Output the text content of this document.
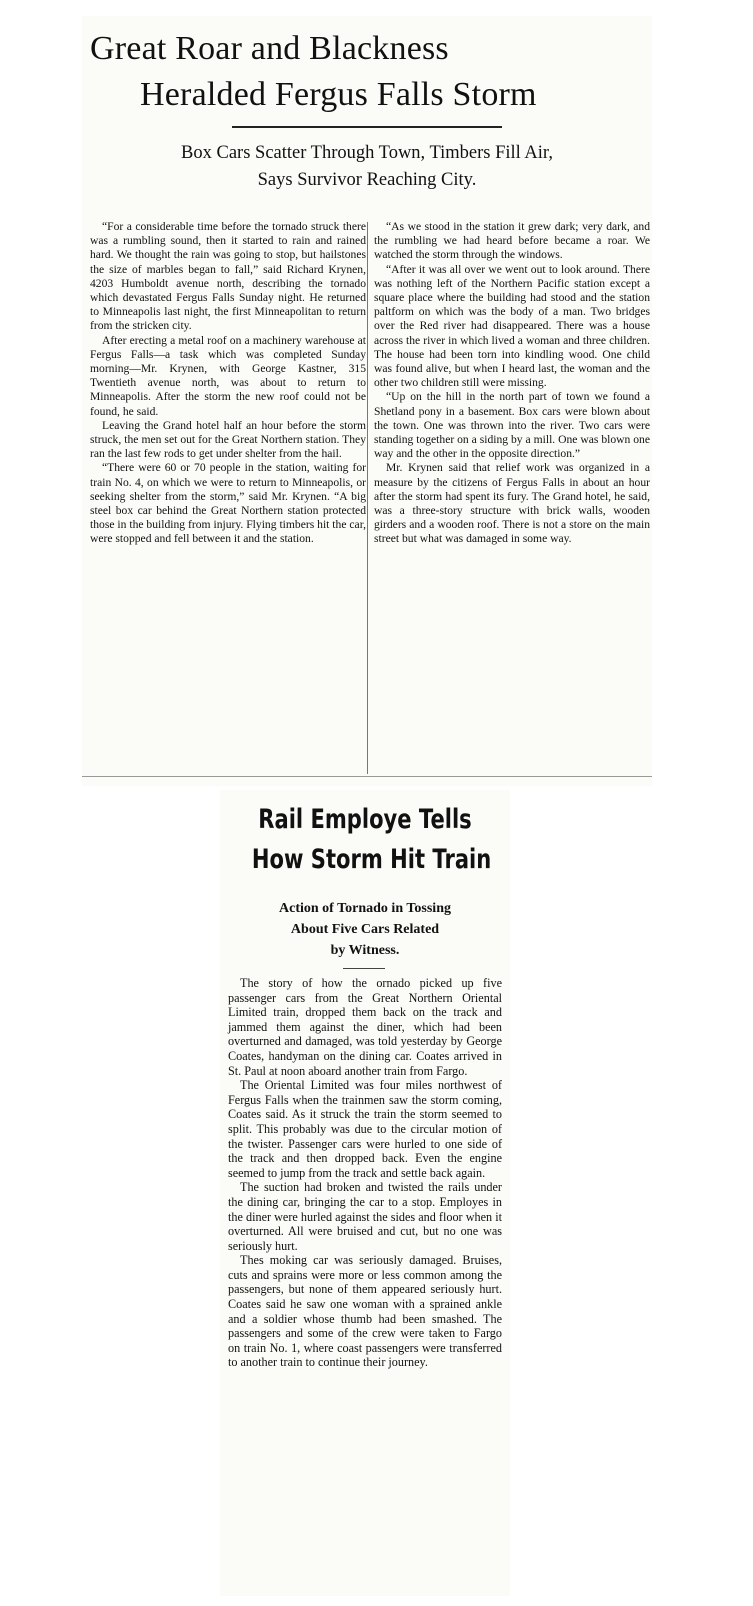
Great Roar and Blackness
Heralded Fergus Falls Storm

Box Cars Scatter Through Town, Timbers Fill Air,

Says Survivor Reaching City.

“For a considerable time before the tornado struck there was a rumbling sound, then it started to rain and rained hard. We thought the rain was going to stop, but hailstones the size of marbles began to fall,” said Richard Krynen, 4203 Humboldt avenue north, describing the tornado which devastated Fergus Falls Sunday night. He returned to Minneapolis last night, the first Minneapolitan to return from the stricken city.

After erecting a metal roof on a machinery warehouse at Fergus Falls—a task which was completed Sunday morning—Mr. Krynen, with George Kastner, 315 Twentieth avenue north, was about to return to Minneapolis. After the storm the new roof could not be found, he said.

Leaving the Grand hotel half an hour before the storm struck, the men set out for the Great Northern station. They ran the last few rods to get under shelter from the hail.

“There were 60 or 70 people in the station, waiting for train No. 4, on which we were to return to Minneapolis, or seeking shelter from the storm,” said Mr. Krynen. “A big steel box car behind the Great Northern station protected those in the building from injury. Flying timbers hit the car, were stopped and fell between it and the station.

“As we stood in the station it grew dark; very dark, and the rumbling we had heard before became a roar. We watched the storm through the windows.

“After it was all over we went out to look around. There was nothing left of the Northern Pacific station except a square place where the building had stood and the station paltform on which was the body of a man. Two bridges over the Red river had disappeared. There was a house across the river in which lived a woman and three children. The house had been torn into kindling wood. One child was found alive, but when I heard last, the woman and the other two children still were missing.

“Up on the hill in the north part of town we found a Shetland pony in a basement. Box cars were blown about the town. One was thrown into the river. Two cars were standing together on a siding by a mill. One was blown one way and the other in the opposite direction.”

Mr. Krynen said that relief work was organized in a measure by the citizens of Fergus Falls in about an hour after the storm had spent its fury. The Grand hotel, he said, was a three-story structure with brick walls, wooden girders and a wooden roof. There is not a store on the main street but what was damaged in some way.

Rail Employe Tells
How Storm Hit Train

Action of Tornado in Tossing

About Five Cars Related

by Witness.

The story of how the ornado picked up five passenger cars from the Great Northern Oriental Limited train, dropped them back on the track and jammed them against the diner, which had been overturned and damaged, was told yesterday by George Coates, handyman on the dining car. Coates arrived in St. Paul at noon aboard another train from Fargo.

The Oriental Limited was four miles northwest of Fergus Falls when the trainmen saw the storm coming, Coates said. As it struck the train the storm seemed to split. This probably was due to the circular motion of the twister. Passenger cars were hurled to one side of the track and then dropped back. Even the engine seemed to jump from the track and settle back again.

The suction had broken and twisted the rails under the dining car, bringing the car to a stop. Employes in the diner were hurled against the sides and floor when it overturned. All were bruised and cut, but no one was seriously hurt.

Thes moking car was seriously damaged. Bruises, cuts and sprains were more or less common among the passengers, but none of them appeared seriously hurt. Coates said he saw one woman with a sprained ankle and a soldier whose thumb had been smashed. The passengers and some of the crew were taken to Fargo on train No. 1, where coast passengers were transferred to another train to continue their journey.
